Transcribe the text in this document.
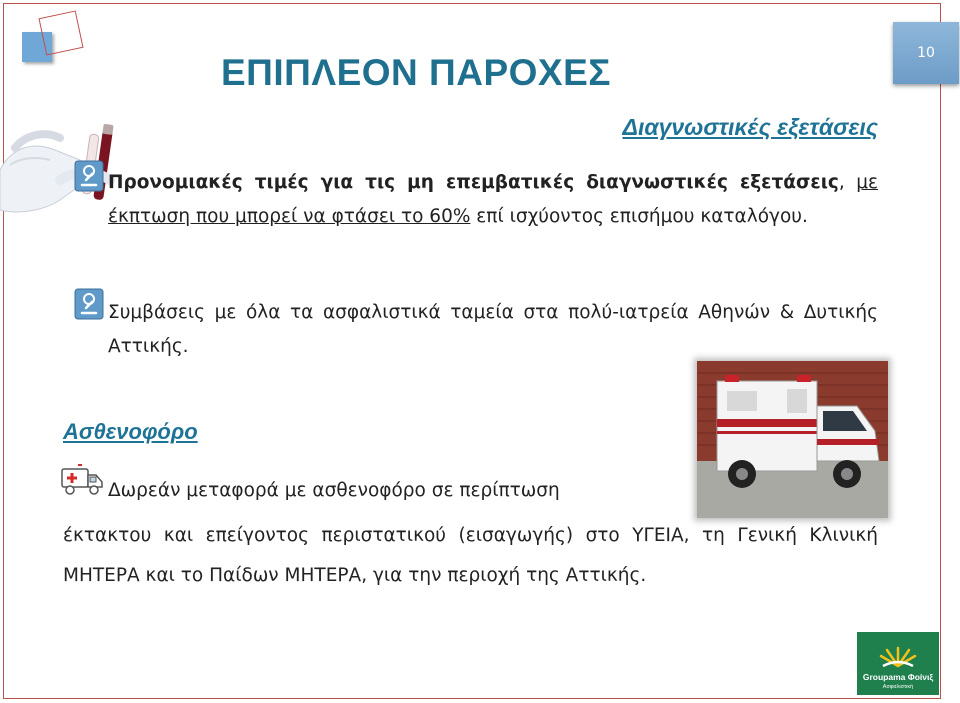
10
ΕΠΙΠΛΕΟΝ ΠΑΡΟΧΕΣ
Διαγνωστικές εξετάσεις
Προνομιακές τιμές για τις μη επεμβατικές διαγνωστικές εξετάσεις, με έκπτωση που μπορεί να φτάσει το 60% επί ισχύοντος επισήμου καταλόγου.
Συμβάσεις με όλα τα ασφαλιστικά ταμεία στα πολύ-ιατρεία Αθηνών & Δυτικής Αττικής.
Ασθενοφόρο
Δωρεάν μεταφορά με ασθενοφόρο σε περίπτωση
έκτακτου και επείγοντος περιστατικού (εισαγωγής) στο ΥΓΕΙΑ, τη Γενική Κλινική ΜΗΤΕΡΑ και το Παίδων ΜΗΤΕΡΑ, για την περιοχή της Αττικής.
Groupama Φοίνιξ
Ασφαλιστική
